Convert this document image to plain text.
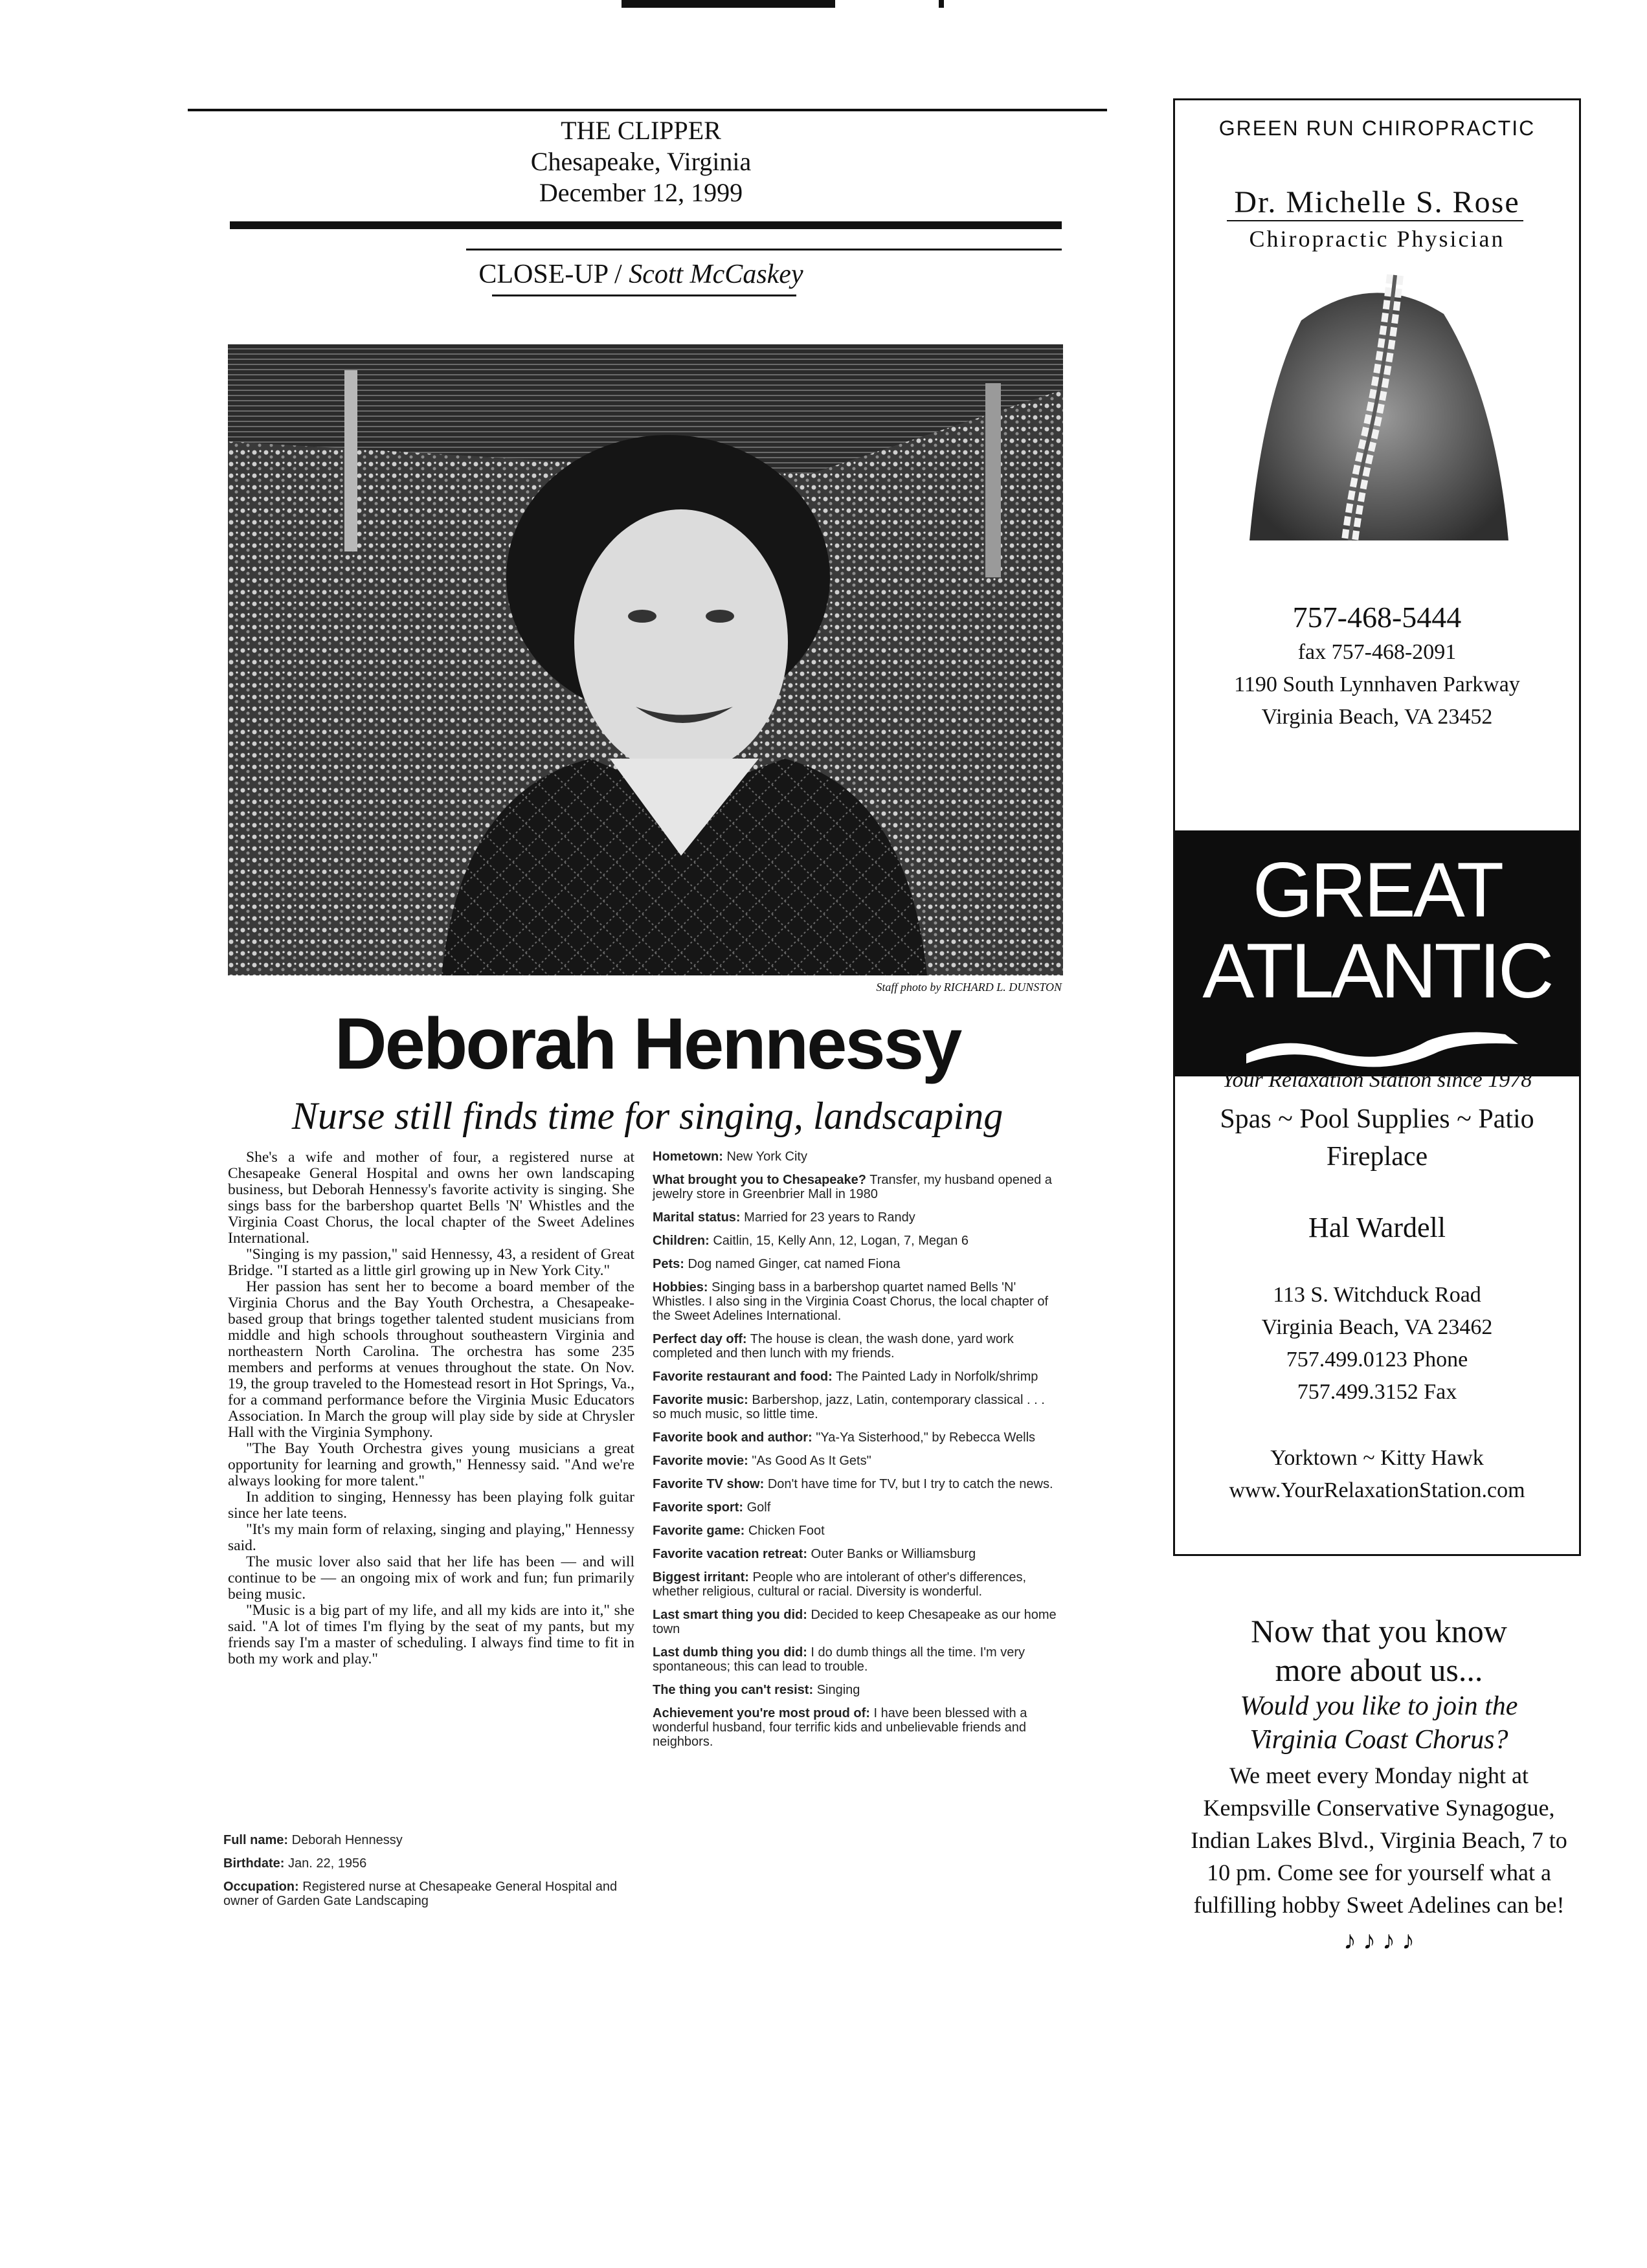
THE CLIPPER
Chesapeake, Virginia
December 12, 1999
CLOSE-UP / Scott McCaskey
Staff photo by RICHARD L. DUNSTON
Deborah Hennessy
Nurse still finds time for singing, landscaping

She's a wife and mother of four, a registered nurse at Chesapeake General Hospital and owns her own landscaping business, but Deborah Hennessy's favorite activity is singing. She sings bass for the barbershop quartet Bells 'N' Whistles and the Virginia Coast Chorus, the local chapter of the Sweet Adelines International.

"Singing is my passion," said Hennessy, 43, a resident of Great Bridge. "I started as a little girl growing up in New York City."

Her passion has sent her to become a board member of the Virginia Chorus and the Bay Youth Orchestra, a Chesapeake-based group that brings together talented student musicians from middle and high schools throughout southeastern Virginia and northeastern North Carolina. The orchestra has some 235 members and performs at venues throughout the state. On Nov. 19, the group traveled to the Homestead resort in Hot Springs, Va., for a command performance before the Virginia Music Educators Association. In March the group will play side by side at Chrysler Hall with the Virginia Symphony.

"The Bay Youth Orchestra gives young musicians a great opportunity for learning and growth," Hennessy said. "And we're always looking for more talent."

In addition to singing, Hennessy has been playing folk guitar since her late teens.

"It's my main form of relaxing, singing and playing," Hennessy said.

The music lover also said that her life has been — and will continue to be — an ongoing mix of work and fun; fun primarily being music.

"Music is a big part of my life, and all my kids are into it," she said. "A lot of times I'm flying by the seat of my pants, but my friends say I'm a master of scheduling. I always find time to fit in both my work and play."

Full name: Deborah Hennessy
Birthdate: Jan. 22, 1956
Occupation: Registered nurse at Chesapeake General Hospital and owner of Garden Gate Landscaping
Hometown: New York City
What brought you to Chesapeake? Transfer, my husband opened a jewelry store in Greenbrier Mall in 1980
Marital status: Married for 23 years to Randy
Children: Caitlin, 15, Kelly Ann, 12, Logan, 7, Megan 6
Pets: Dog named Ginger, cat named Fiona
Hobbies: Singing bass in a barbershop quartet named Bells 'N' Whistles. I also sing in the Virginia Coast Chorus, the local chapter of the Sweet Adelines International.
Perfect day off: The house is clean, the wash done, yard work completed and then lunch with my friends.
Favorite restaurant and food: The Painted Lady in Norfolk/shrimp
Favorite music: Barbershop, jazz, Latin, contemporary classical . . . so much music, so little time.
Favorite book and author: "Ya-Ya Sisterhood," by Rebecca Wells
Favorite movie: "As Good As It Gets"
Favorite TV show: Don't have time for TV, but I try to catch the news.
Favorite sport: Golf
Favorite game: Chicken Foot
Favorite vacation retreat: Outer Banks or Williamsburg
Biggest irritant: People who are intolerant of other's differences, whether religious, cultural or racial. Diversity is wonderful.
Last smart thing you did: Decided to keep Chesapeake as our home town
Last dumb thing you did: I do dumb things all the time. I'm very spontaneous; this can lead to trouble.
The thing you can't resist: Singing
Achievement you're most proud of: I have been blessed with a wonderful husband, four terrific kids and unbelievable friends and neighbors.
GREEN RUN CHIROPRACTIC
Dr. Michelle S. Rose
Chiropractic Physician
757-468-5444
fax 757-468-2091
1190 South Lynnhaven Parkway
Virginia Beach, VA 23452
GREAT
ATLANTIC
Your Relaxation Station since 1978
Spas ~ Pool Supplies ~ Patio
Fireplace
Hal Wardell
113 S. Witchduck Road
Virginia Beach, VA 23462
757.499.0123 Phone
757.499.3152 Fax
Yorktown ~ Kitty Hawk
www.YourRelaxationStation.com
Now that you know
more about us...
Would you like to join the
Virginia Coast Chorus?
We meet every Monday night at Kempsville Conservative Synagogue, Indian Lakes Blvd., Virginia Beach, 7 to 10 pm. Come see for yourself what a fulfilling hobby Sweet Adelines can be!
♪ ♪ ♪ ♪
